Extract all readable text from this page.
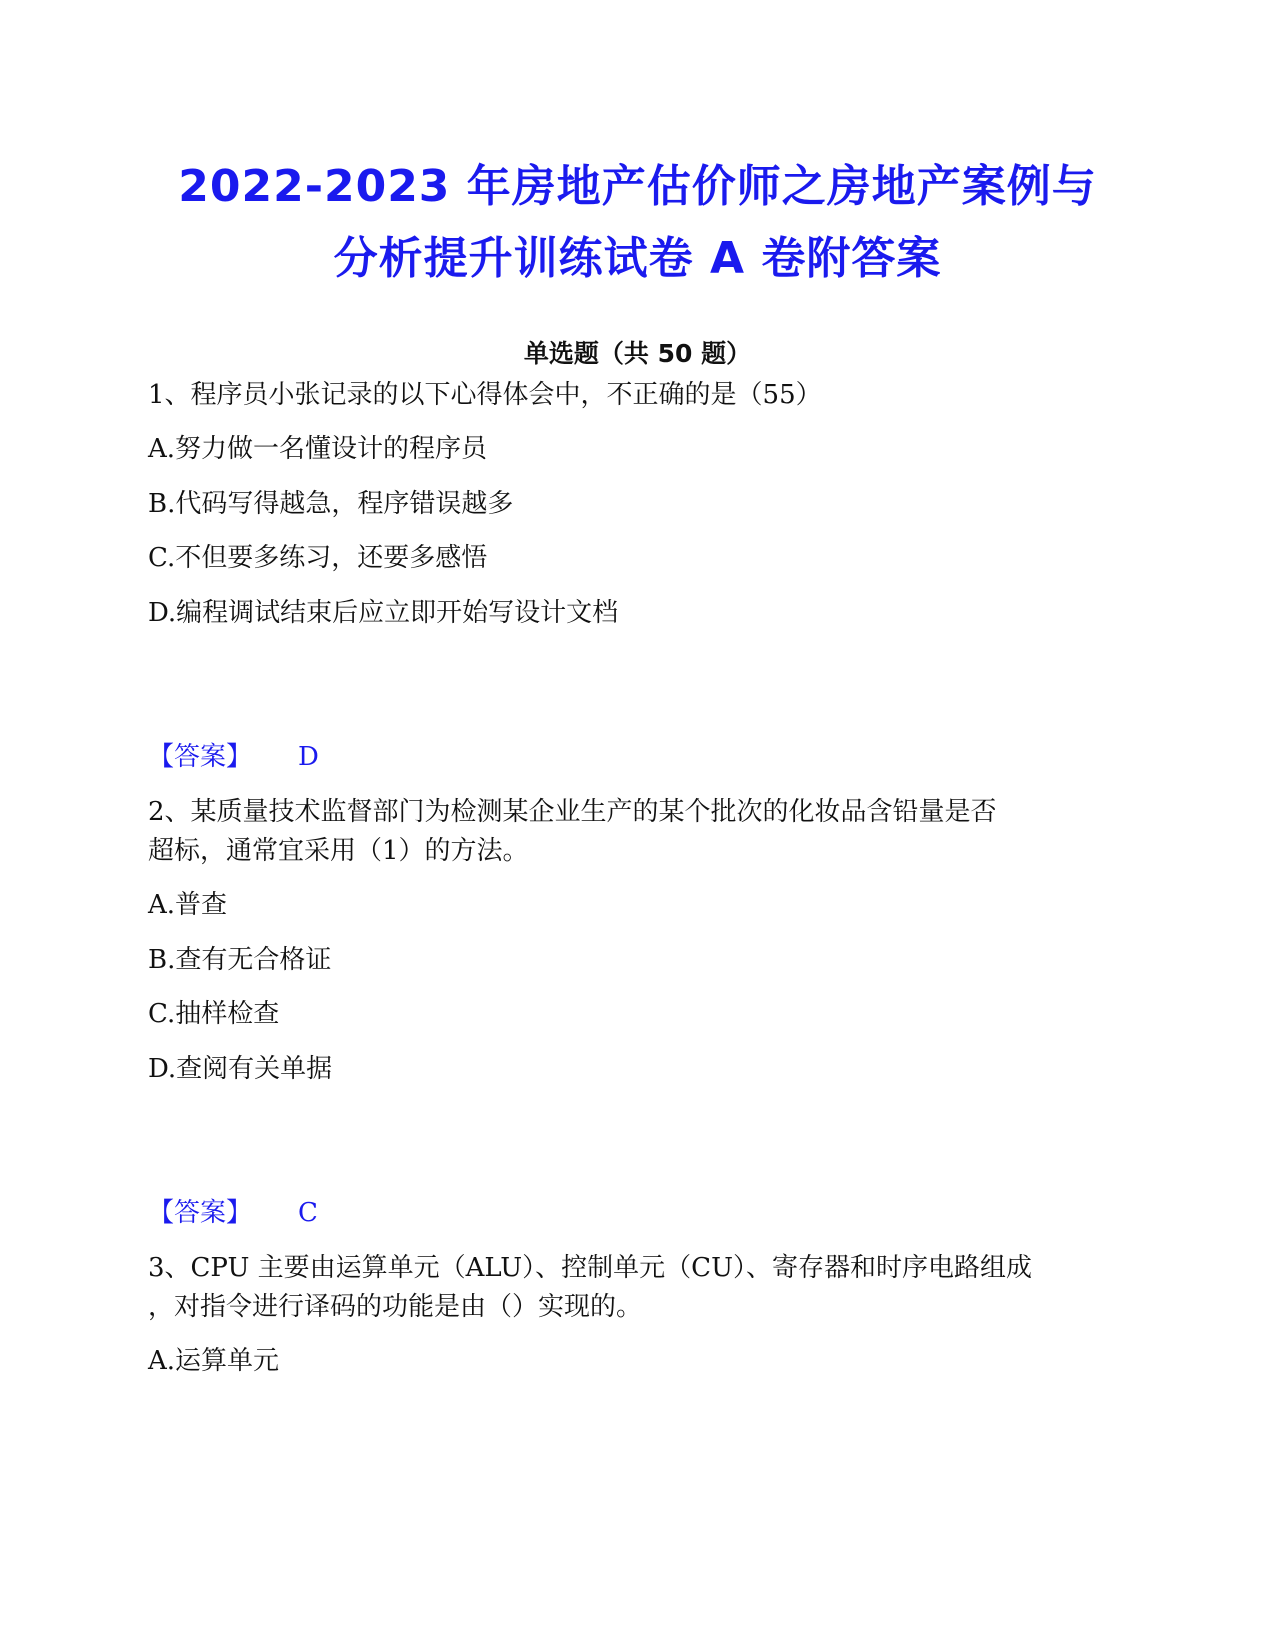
2022-2023 年房地产估价师之房地产案例与
分析提升训练试卷 A 卷附答案
单选题（共 50 题）
1、程序员小张记录的以下心得体会中，不正确的是（55）
A.努力做一名懂设计的程序员
B.代码写得越急，程序错误越多
C.不但要多练习，还要多感悟
D.编程调试结束后应立即开始写设计文档
【答案】 D
2、某质量技术监督部门为检测某企业生产的某个批次的化妆品含铅量是否
超标，通常宜采用（1）的方法。
A.普查
B.查有无合格证
C.抽样检查
D.查阅有关单据
【答案】 C
3、CPU 主要由运算单元（ALU）、控制单元（CU）、寄存器和时序电路组成
，对指令进行译码的功能是由（）实现的。
A.运算单元
